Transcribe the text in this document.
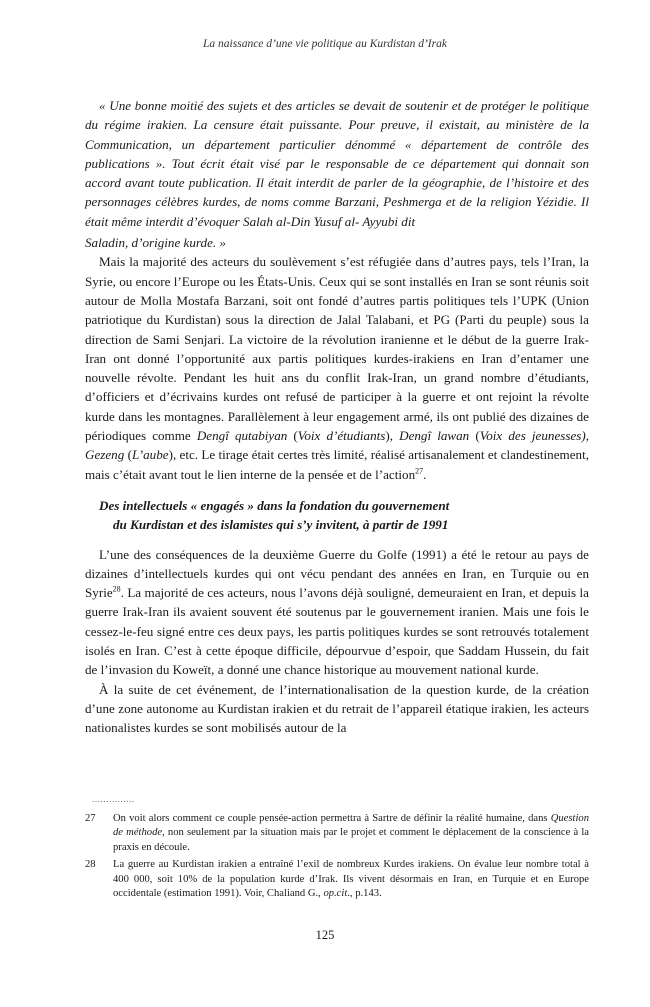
La naissance d’une vie politique au Kurdistan d’Irak

« Une bonne moitié des sujets et des articles se devait de soutenir et de protéger le politique du régime irakien. La censure était puissante. Pour preuve, il existait, au ministère de la Communication, un département particulier dénommé « département de contrôle des publications ». Tout écrit était visé par le responsable de ce département qui donnait son accord avant toute publication. Il était interdit de parler de la géographie, de l’histoire et des personnages célèbres kurdes, de noms comme Barzani, Peshmerga et de la religion Yézidie. Il était même interdit d’évoquer Salah al-Din Yusuf al- Ayyubi dit

Saladin, d’origine kurde. »

Mais la majorité des acteurs du soulèvement s’est réfugiée dans d’autres pays, tels l’Iran, la Syrie, ou encore l’Europe ou les États-Unis. Ceux qui se sont installés en Iran se sont réunis soit autour de Molla Mostafa Barzani, soit ont fondé d’autres partis politiques tels l’UPK (Union patriotique du Kurdistan) sous la direction de Jalal Talabani, et PG (Parti du peuple) sous la direction de Sami Senjari. La victoire de la révolution iranienne et le début de la guerre Irak-Iran ont donné l’opportunité aux partis politiques kurdes-irakiens en Iran d’entamer une nouvelle révolte. Pendant les huit ans du conflit Irak-Iran, un grand nombre d’étudiants, d’officiers et d’écrivains kurdes ont refusé de participer à la guerre et ont rejoint la révolte kurde dans les montagnes. Parallèlement à leur engagement armé, ils ont publié des dizaines de périodiques comme Dengî qutabiyan (Voix d’étudiants), Dengî lawan (Voix des jeunesses), Gezeng (L’aube), etc. Le tirage était certes très limité, réalisé artisanalement et clandestinement, mais c’était avant tout le lien interne de la pensée et de l’action$^{27}$.

Des intellectuels « engagés » dans la fondation du gouvernement
du Kurdistan et des islamistes qui s’y invitent, à partir de 1991

L’une des conséquences de la deuxième Guerre du Golfe (1991) a été le retour au pays de dizaines d’intellectuels kurdes qui ont vécu pendant des années en Iran, en Turquie ou en Syrie$^{28}$. La majorité de ces acteurs, nous l’avons déjà souligné, demeuraient en Iran, et depuis la guerre Irak-Iran ils avaient souvent été soutenus par le gouvernement iranien. Mais une fois le cessez-le-feu signé entre ces deux pays, les partis politiques kurdes se sont retrouvés totalement isolés en Iran. C’est à cette époque difficile, dépourvue d’espoir, que Saddam Hussein, du fait de l’invasion du Koweït, a donné une chance historique au mouvement national kurde.

À la suite de cet événement, de l’internationalisation de la question kurde, de la création d’une zone autonome au Kurdistan irakien et du retrait de l’appareil étatique irakien, les acteurs nationalistes kurdes se sont mobilisés autour de la

...............
27	On voit alors comment ce couple pensée-action permettra à Sartre de définir la réalité humaine, dans Question de méthode, non seulement par la situation mais par le projet et comment le déplacement de la conscience à la praxis en découle.
28	La guerre au Kurdistan irakien a entraîné l’exil de nombreux Kurdes irakiens. On évalue leur nombre total à 400 000, soit 10% de la population kurde d’Irak. Ils vivent désormais en Iran, en Turquie et en Europe occidentale (estimation 1991). Voir, Chaliand G., op.cit., p.143.
125
